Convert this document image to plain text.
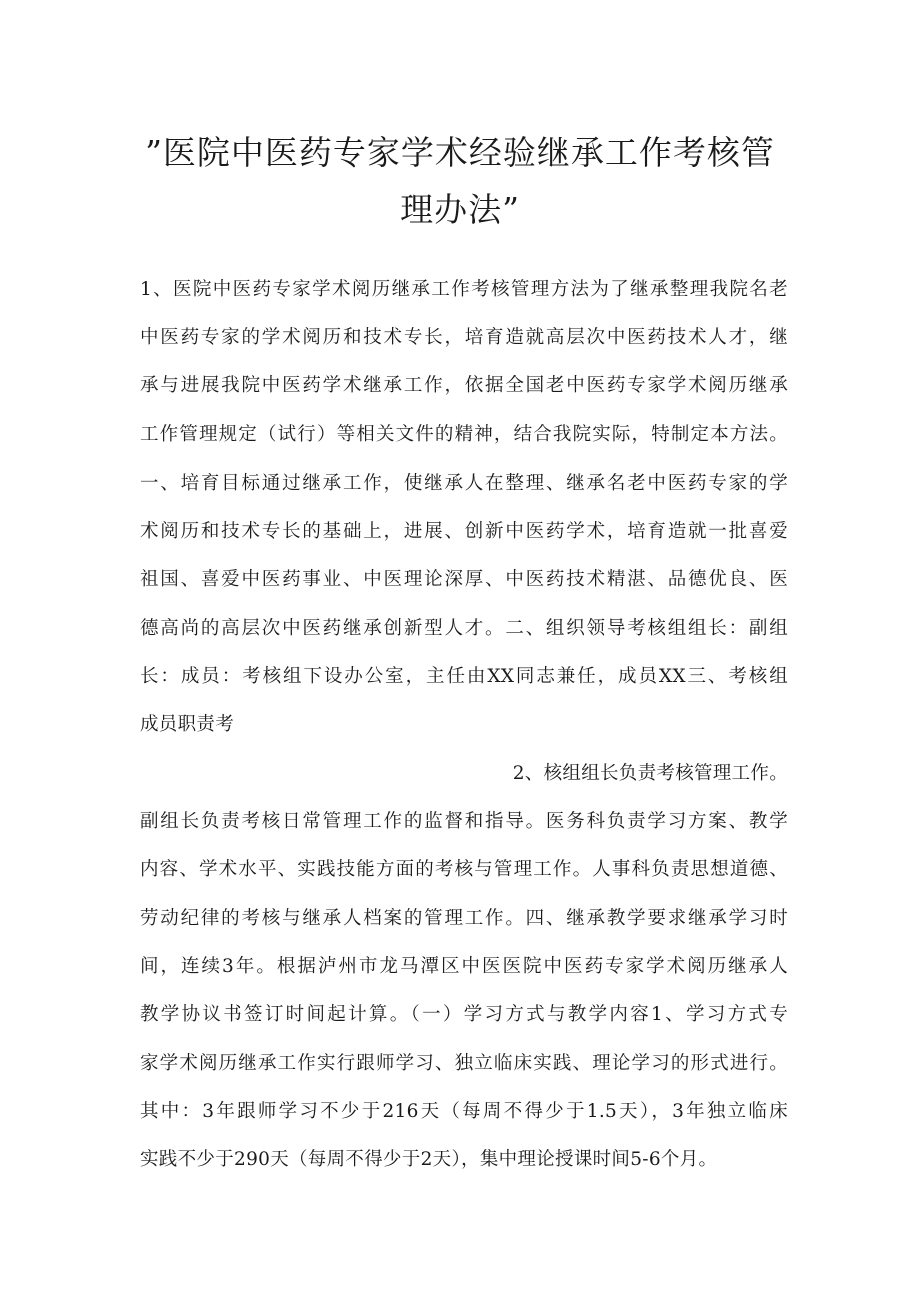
”医院中医药专家学术经验继承工作考核管
理办法”
1、医院中医药专家学术阅历继承工作考核管理方法为了继承整理我院名老
中医药专家的学术阅历和技术专长，培育造就高层次中医药技术人才，继
承与进展我院中医药学术继承工作，依据全国老中医药专家学术阅历继承
工作管理规定（试行）等相关文件的精神，结合我院实际，特制定本方法。
一、培育目标通过继承工作，使继承人在整理、继承名老中医药专家的学
术阅历和技术专长的基础上，进展、创新中医药学术，培育造就一批喜爱
祖国、喜爱中医药事业、中医理论深厚、中医药技术精湛、品德优良、医
德高尚的高层次中医药继承创新型人才。二、组织领导考核组组长：副组
长：成员：考核组下设办公室，主任由XX同志兼任，成员XX三、考核组
成员职责考
2、核组组长负责考核管理工作。
副组长负责考核日常管理工作的监督和指导。医务科负责学习方案、教学
内容、学术水平、实践技能方面的考核与管理工作。人事科负责思想道德、
劳动纪律的考核与继承人档案的管理工作。四、继承教学要求继承学习时
间，连续3年。根据泸州市龙马潭区中医医院中医药专家学术阅历继承人
教学协议书签订时间起计算。（一）学习方式与教学内容1、学习方式专
家学术阅历继承工作实行跟师学习、独立临床实践、理论学习的形式进行。
其中：3年跟师学习不少于216天（每周不得少于1.5天），3年独立临床
实践不少于290天（每周不得少于2天），集中理论授课时间5-6个月。
